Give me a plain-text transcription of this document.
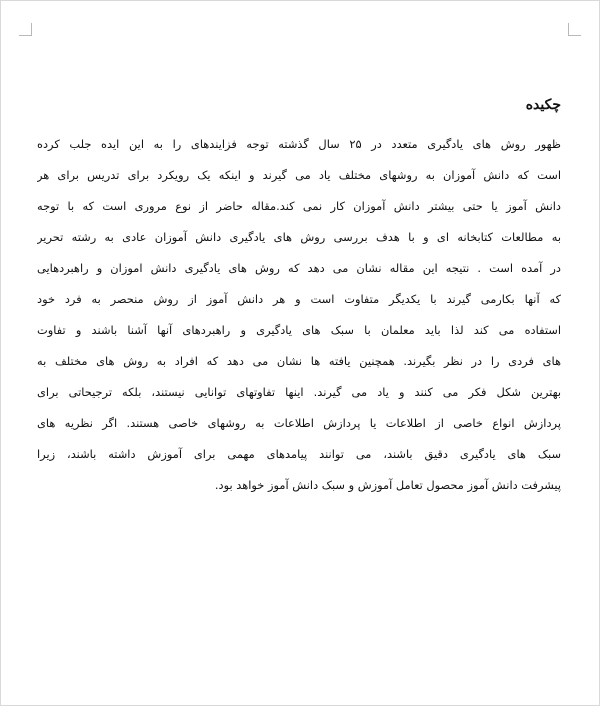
چکیده
ظهور روش های یادگیری متعدد در ۲۵ سال گذشته توجه فزایندهای را به این ایده جلب کرده
است که دانش آموزان به روشهای مختلف یاد می گیرند و اینکه یک رویکرد برای تدریس برای هر
دانش آموز یا حتی بیشتر دانش آموزان کار نمی کند.مقاله حاضر از نوع مروری است که با توجه
به مطالعات کتابخانه ای و با هدف بررسی روش های یادگیری دانش آموزان عادی به رشته تحریر
در آمده است . نتیجه این مقاله نشان می دهد که روش های یادگیری دانش اموزان و راهبردهایی
که آنها بکارمی گیرند با یکدیگر متفاوت است و هر دانش آموز از روش منحصر به فرد خود
استفاده می کند لذا باید معلمان با سبک های یادگیری و راهبردهای آنها آشنا باشند و تفاوت
های فردی را در نظر بگیرند. همچنین یافته ها نشان می دهد که افراد به روش های مختلف به
بهترین شکل فکر می کنند و یاد می گیرند. اینها تفاوتهای توانایی نیستند، بلکه ترجیحاتی برای
پردازش انواع خاصی از اطلاعات یا پردازش اطلاعات به روشهای خاصی هستند. اگر نظریه های
سبک های یادگیری دقیق باشند، می توانند پیامدهای مهمی برای آموزش داشته باشند، زیرا
پیشرفت دانش آموز محصول تعامل آموزش و سبک دانش آموز خواهد بود.
